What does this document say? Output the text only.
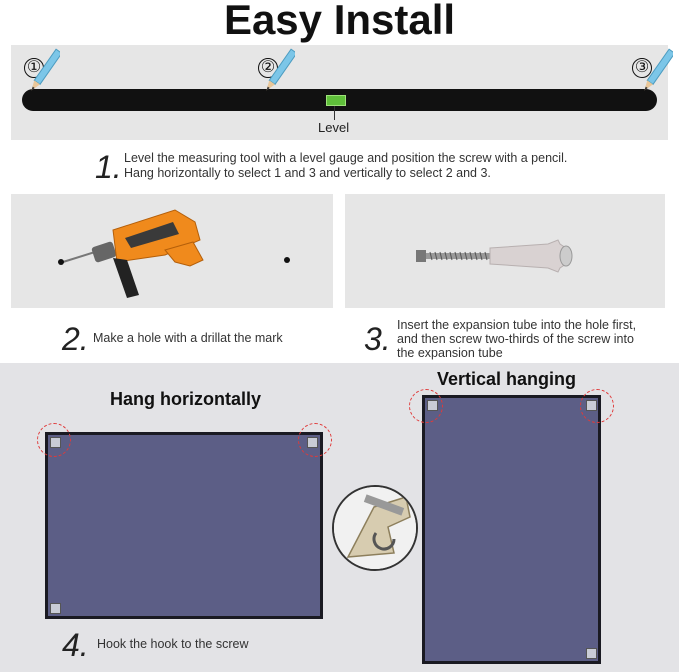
Easy Install
①	②	③
Level
1. Level the measuring tool with a level gauge and position the screw with a pencil.
Hang horizontally to select 1 and 3 and vertically to select 2 and 3.
2. Make a hole with a drillat the mark	3. Insert the expansion tube into the hole first,
and then screw two-thirds of the screw into
the expansion tube
Hang horizontally
Vertical hanging
4. Hook the hook to the screw
